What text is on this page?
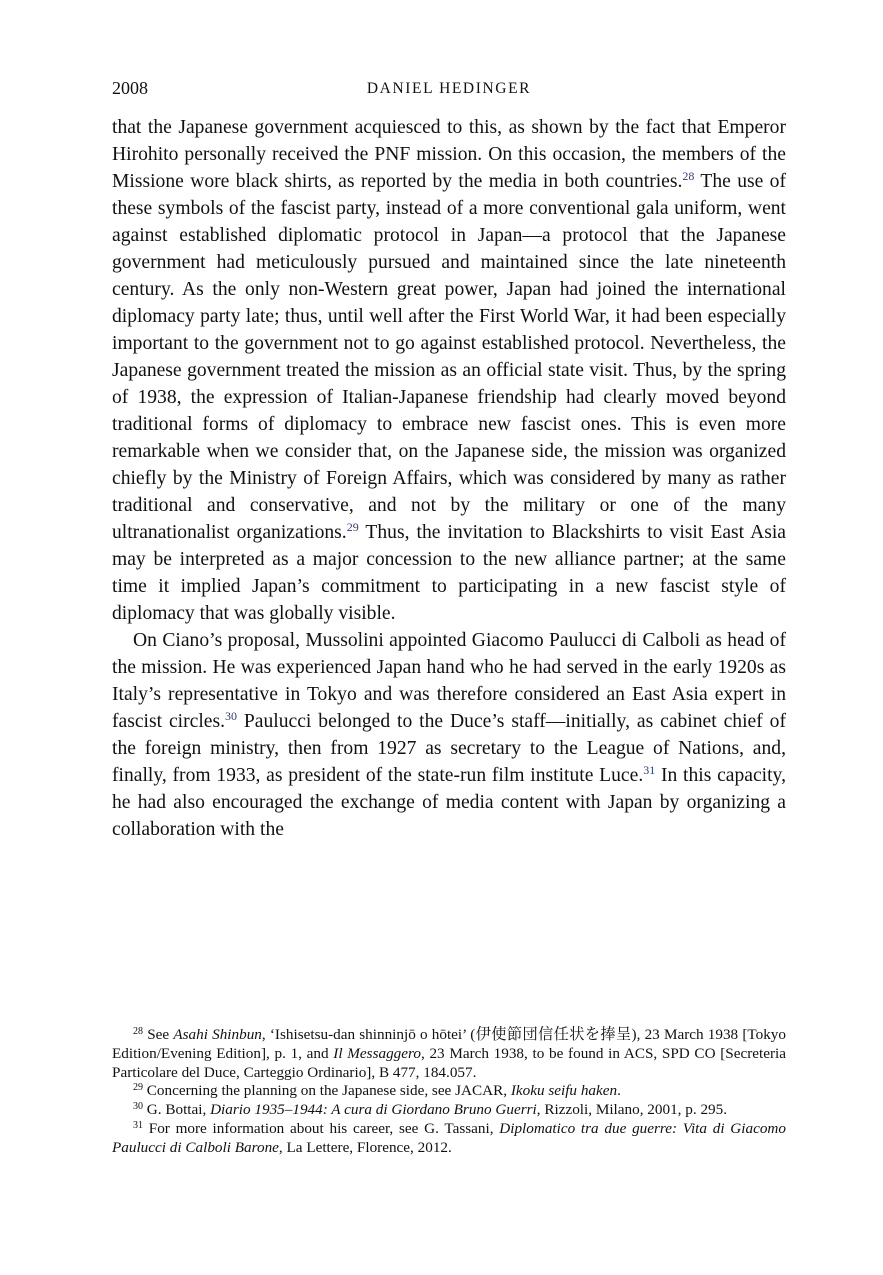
2008	DANIEL HEDINGER

that the Japanese government acquiesced to this, as shown by the fact that Emperor Hirohito personally received the PNF mission. On this occasion, the members of the Missione wore black shirts, as reported by the media in both countries.$^{28}$ The use of these symbols of the fascist party, instead of a more conventional gala uniform, went against established diplomatic protocol in Japan—a protocol that the Japanese government had meticulously pursued and maintained since the late nineteenth century. As the only non-Western great power, Japan had joined the international diplomacy party late; thus, until well after the First World War, it had been especially important to the government not to go against established protocol. Nevertheless, the Japanese government treated the mission as an official state visit. Thus, by the spring of 1938, the expression of Italian-Japanese friendship had clearly moved beyond traditional forms of diplomacy to embrace new fascist ones. This is even more remarkable when we consider that, on the Japanese side, the mission was organized chiefly by the Ministry of Foreign Affairs, which was considered by many as rather traditional and conservative, and not by the military or one of the many ultranationalist organizations.$^{29}$ Thus, the invitation to Blackshirts to visit East Asia may be interpreted as a major concession to the new alliance partner; at the same time it implied Japan’s commitment to participating in a new fascist style of diplomacy that was globally visible.

On Ciano’s proposal, Mussolini appointed Giacomo Paulucci di Calboli as head of the mission. He was experienced Japan hand who he had served in the early 1920s as Italy’s representative in Tokyo and was therefore considered an East Asia expert in fascist circles.$^{30}$ Paulucci belonged to the Duce’s staff—initially, as cabinet chief of the foreign ministry, then from 1927 as secretary to the League of Nations, and, finally, from 1933, as president of the state-run film institute Luce.$^{31}$ In this capacity, he had also encouraged the exchange of media content with Japan by organizing a collaboration with the

$^{28}$ See Asahi Shinbun, ‘Ishisetsu-dan shinninjō o hōtei’ (伊使節団信任状を捧呈), 23 March 1938 [Tokyo Edition/Evening Edition], p. 1, and Il Messaggero, 23 March 1938, to be found in ACS, SPD CO [Secreteria Particolare del Duce, Carteggio Ordinario], B 477, 184.057.

$^{29}$ Concerning the planning on the Japanese side, see JACAR, Ikoku seifu haken.

$^{30}$ G. Bottai, Diario 1935–1944: A cura di Giordano Bruno Guerri, Rizzoli, Milano, 2001, p. 295.

$^{31}$ For more information about his career, see G. Tassani, Diplomatico tra due guerre: Vita di Giacomo Paulucci di Calboli Barone, La Lettere, Florence, 2012.
